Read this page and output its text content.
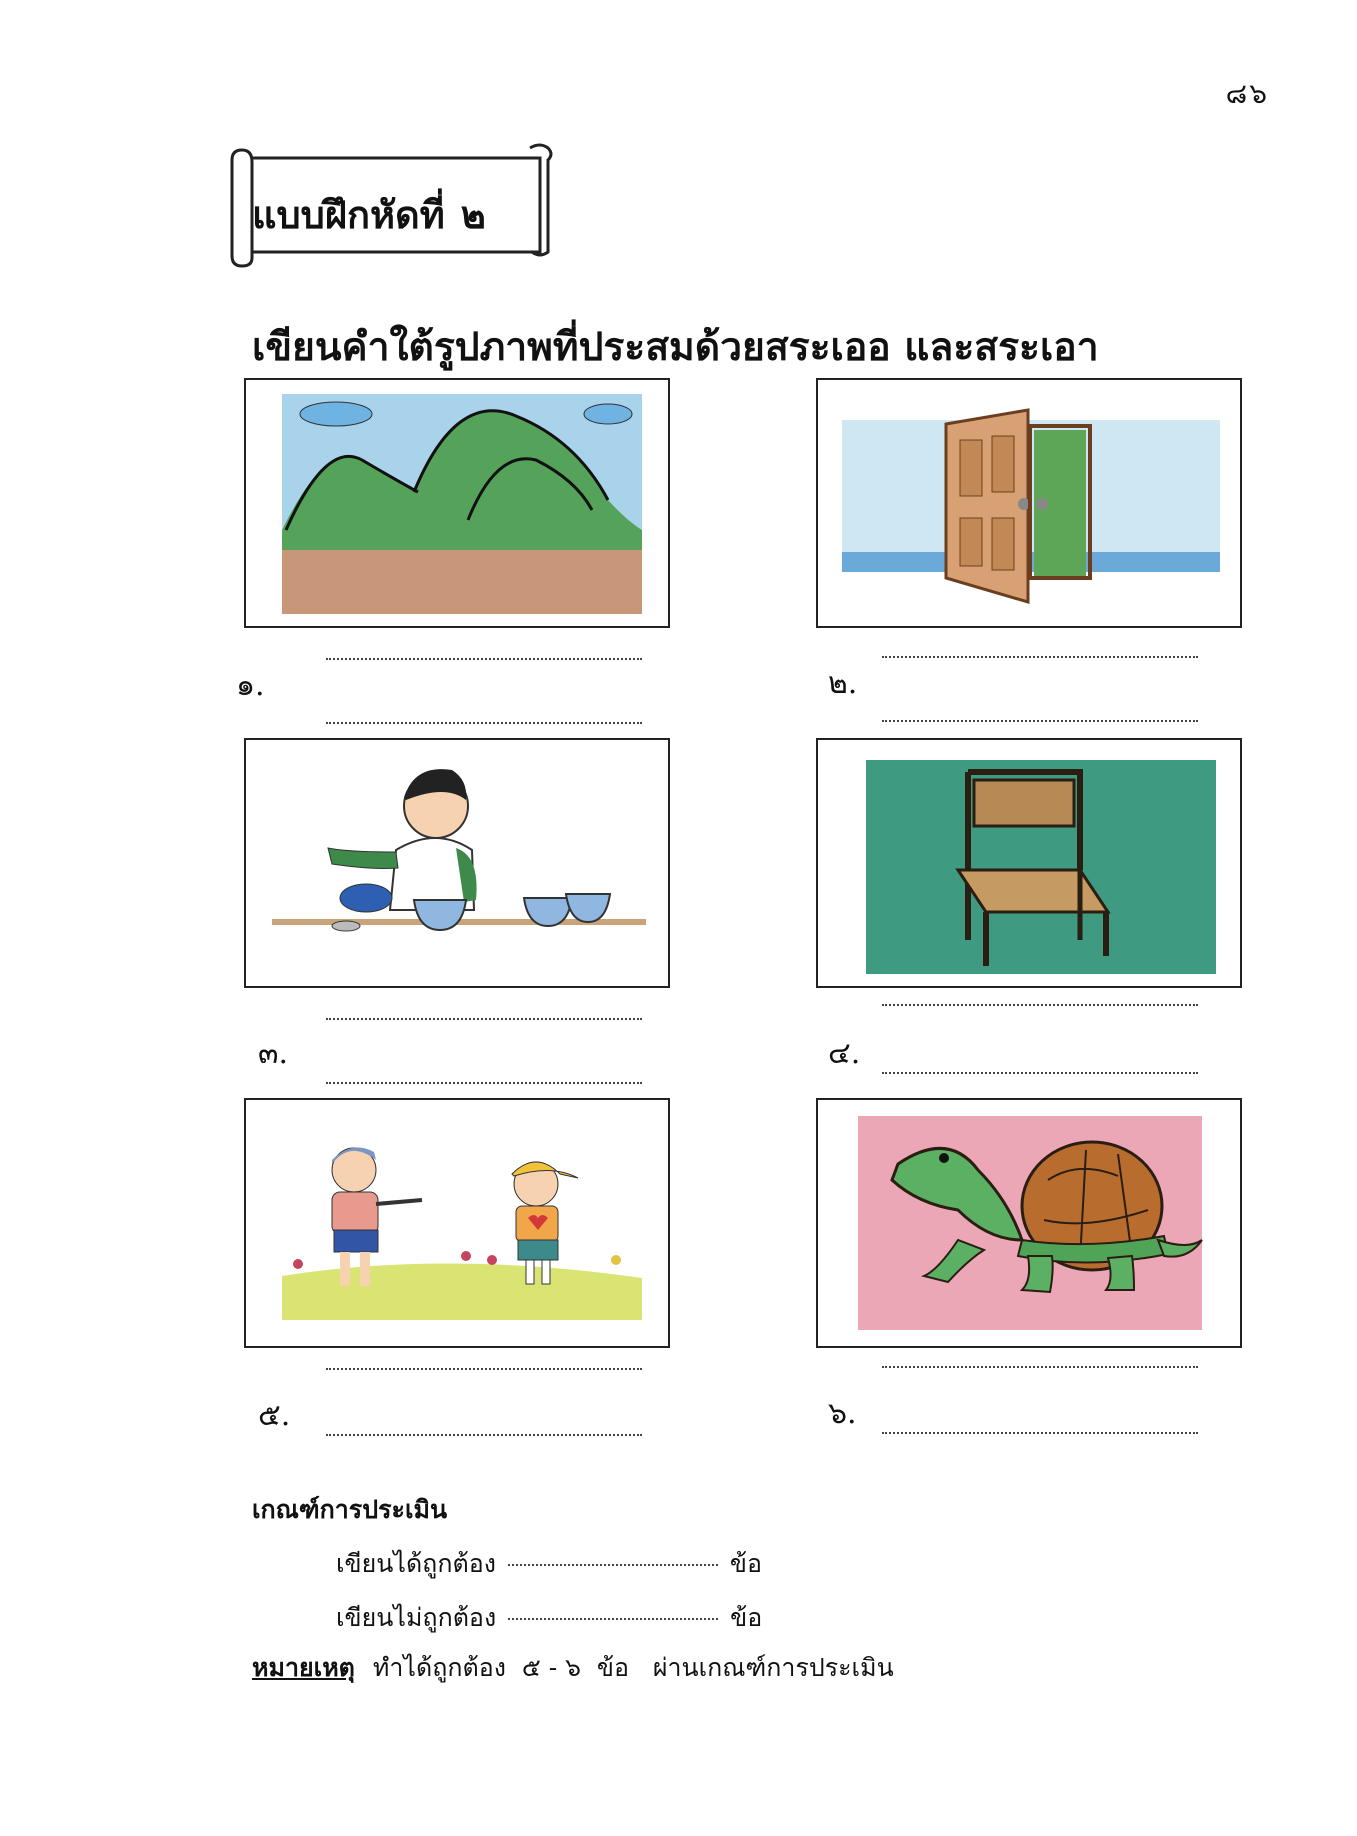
๘๖
แบบฝึกหัดที่ ๒
เขียนคำใต้รูปภาพที่ประสมด้วยสระเออ และสระเอา
๑.	๒.
๓.	๔.
๕.	๖.
เกณฑ์การประเมิน
เขียนได้ถูกต้อง	ข้อ
เขียนไม่ถูกต้อง	ข้อ
หมายเหตุ ทำได้ถูกต้อง  ๕ - ๖  ข้อ   ผ่านเกณฑ์การประเมิน
